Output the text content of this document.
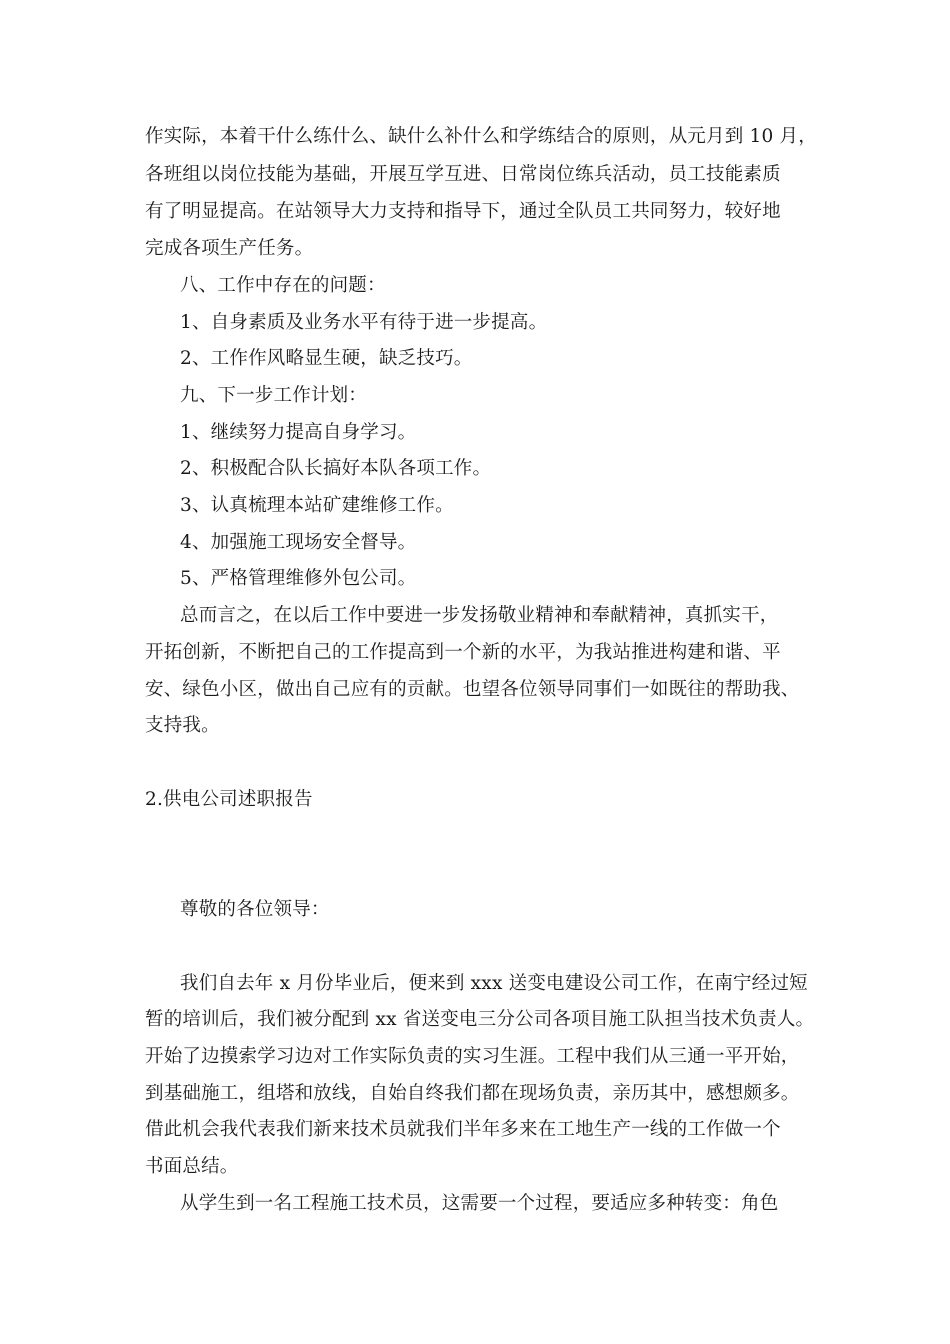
作实际，本着干什么练什么、缺什么补什么和学练结合的原则，从元月到 10 月，
各班组以岗位技能为基础，开展互学互进、日常岗位练兵活动，员工技能素质
有了明显提高。在站领导大力支持和指导下，通过全队员工共同努力，较好地
完成各项生产任务。
八、工作中存在的问题：
1、自身素质及业务水平有待于进一步提高。
2、工作作风略显生硬，缺乏技巧。
九、下一步工作计划：
1、继续努力提高自身学习。
2、积极配合队长搞好本队各项工作。
3、认真梳理本站矿建维修工作。
4、加强施工现场安全督导。
5、严格管理维修外包公司。
总而言之，在以后工作中要进一步发扬敬业精神和奉献精神，真抓实干，
开拓创新，不断把自己的工作提高到一个新的水平，为我站推进构建和谐、平
安、绿色小区，做出自己应有的贡献。也望各位领导同事们一如既往的帮助我、
支持我。
2.供电公司述职报告
尊敬的各位领导：
我们自去年 x 月份毕业后，便来到 xxx 送变电建设公司工作，在南宁经过短
暂的培训后，我们被分配到 xx 省送变电三分公司各项目施工队担当技术负责人。
开始了边摸索学习边对工作实际负责的实习生涯。工程中我们从三通一平开始，
到基础施工，组塔和放线，自始自终我们都在现场负责，亲历其中，感想颇多。
借此机会我代表我们新来技术员就我们半年多来在工地生产一线的工作做一个
书面总结。
从学生到一名工程施工技术员，这需要一个过程，要适应多种转变：角色
